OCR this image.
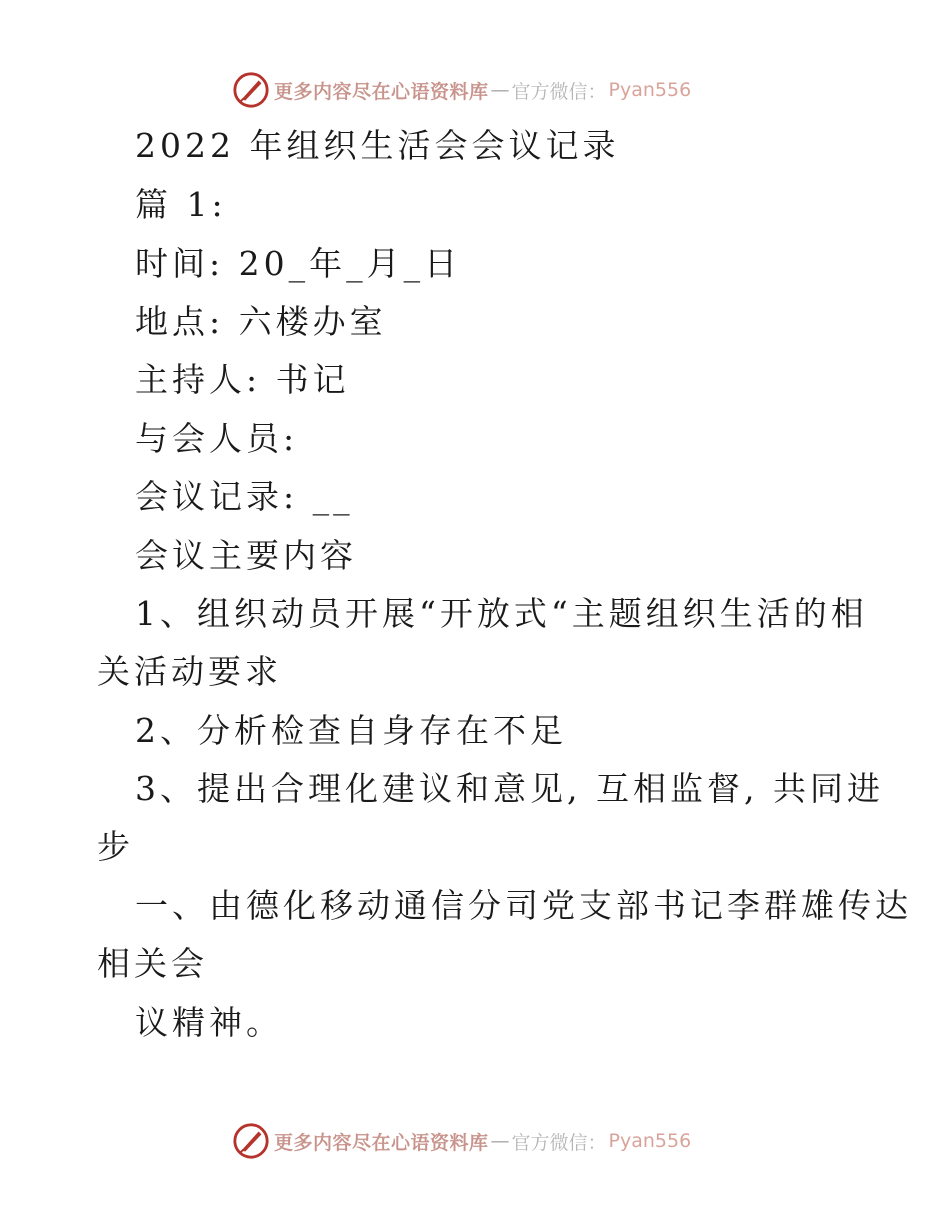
更多内容尽在心语资料库 — 官方微信： Pyan556
2022 年组织生活会会议记录
篇 1:
时间: 20_年_月_日
地点: 六楼办室
主持人: 书记
与会人员:
会议记录: __
会议主要内容
1、组织动员开展“开放式“主题组织生活的相
关活动要求
2、分析检查自身存在不足
3、提出合理化建议和意见, 互相监督, 共同进
步
一、由德化移动通信分司党支部书记李群雄传达
相关会
议精神。
更多内容尽在心语资料库 — 官方微信： Pyan556
